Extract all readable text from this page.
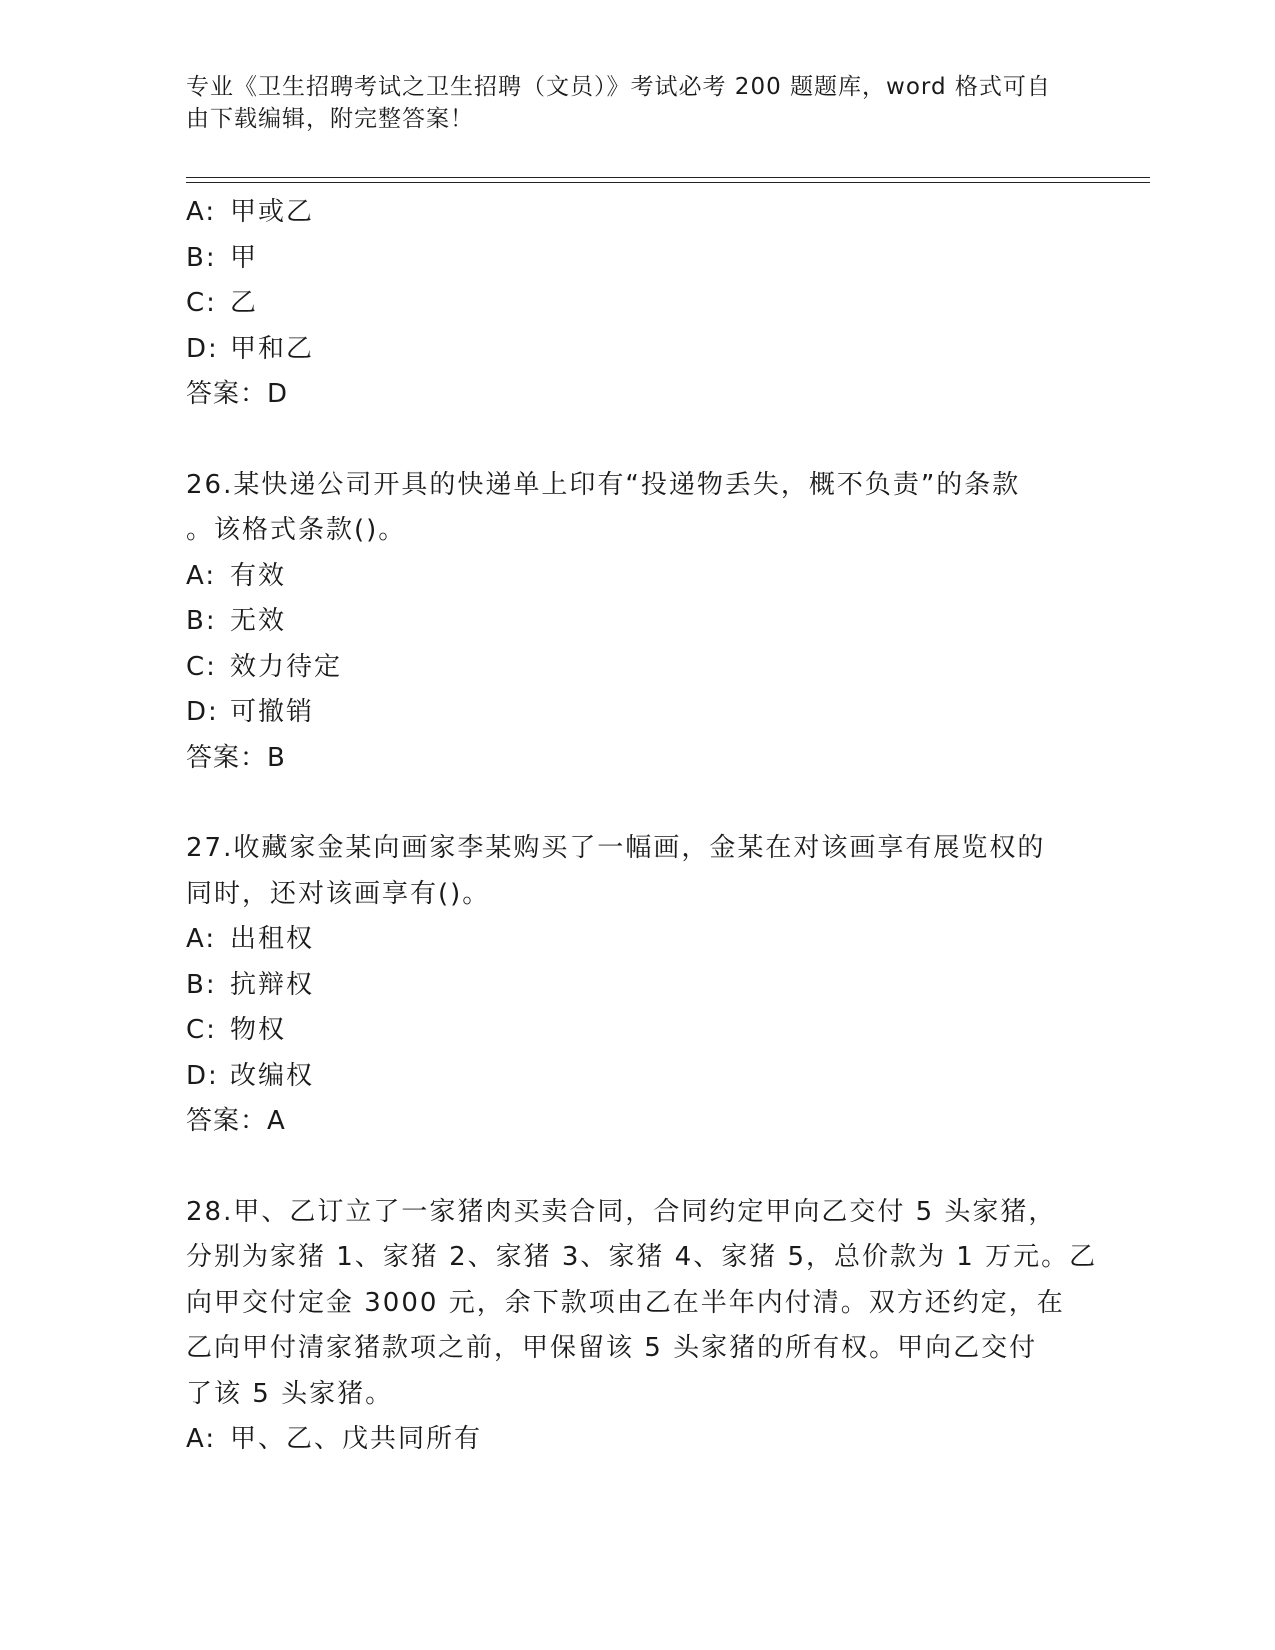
专业《卫生招聘考试之卫生招聘（文员）》考试必考 200 题题库，word 格式可自
由下载编辑，附完整答案！
A: 甲或乙
B: 甲
C: 乙
D: 甲和乙
答案：D
26.某快递公司开具的快递单上印有“投递物丢失，概不负责”的条款
。该格式条款()。
A: 有效
B: 无效
C: 效力待定
D: 可撤销
答案：B
27.收藏家金某向画家李某购买了一幅画，金某在对该画享有展览权的
同时，还对该画享有()。
A: 出租权
B: 抗辩权
C: 物权
D: 改编权
答案：A
28.甲、乙订立了一家猪肉买卖合同，合同约定甲向乙交付 5 头家猪，
分别为家猪 1、家猪 2、家猪 3、家猪 4、家猪 5，总价款为 1 万元。乙
向甲交付定金 3000 元，余下款项由乙在半年内付清。双方还约定，在
乙向甲付清家猪款项之前，甲保留该 5 头家猪的所有权。甲向乙交付
了该 5 头家猪。
A: 甲、乙、戊共同所有
